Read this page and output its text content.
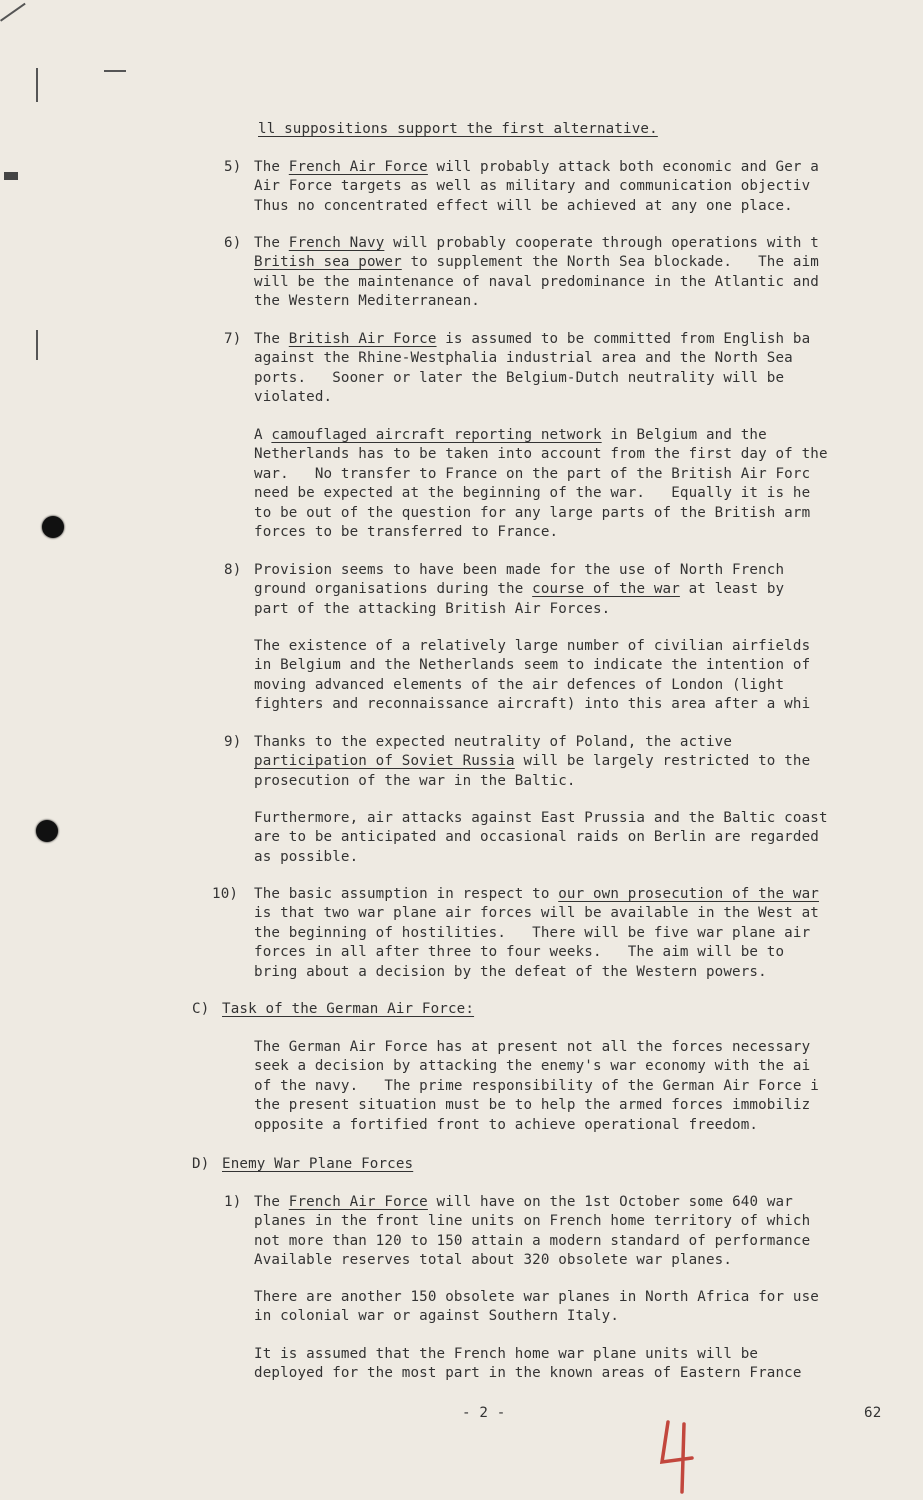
ll suppositions support the first alternative.
5) The French Air Force will probably attack both economic and Ger a
Air Force targets as well as military and communication objectiv
Thus no concentrated effect will be achieved at any one place.
6) The French Navy will probably cooperate through operations with t
British sea power to supplement the North Sea blockade.   The aim
will be the maintenance of naval predominance in the Atlantic and
the Western Mediterranean.
7) The British Air Force is assumed to be committed from English ba
against the Rhine-Westphalia industrial area and the North Sea
ports.   Sooner or later the Belgium-Dutch neutrality will be
violated.
A camouflaged aircraft reporting network in Belgium and the
Netherlands has to be taken into account from the first day of the
war.   No transfer to France on the part of the British Air Forc
need be expected at the beginning of the war.   Equally it is he
to be out of the question for any large parts of the British arm
forces to be transferred to France.
8) Provision seems to have been made for the use of North French
ground organisations during the course of the war at least by
part of the attacking British Air Forces.
The existence of a relatively large number of civilian airfields
in Belgium and the Netherlands seem to indicate the intention of
moving advanced elements of the air defences of London (light
fighters and reconnaissance aircraft) into this area after a whi
9) Thanks to the expected neutrality of Poland, the active
participation of Soviet Russia will be largely restricted to the
prosecution of the war in the Baltic.
Furthermore, air attacks against East Prussia and the Baltic coast
are to be anticipated and occasional raids on Berlin are regarded
as possible.
10) The basic assumption in respect to our own prosecution of the war
is that two war plane air forces will be available in the West at
the beginning of hostilities.   There will be five war plane air
forces in all after three to four weeks.   The aim will be to
bring about a decision by the defeat of the Western powers.
C) Task of the German Air Force:
The German Air Force has at present not all the forces necessary
seek a decision by attacking the enemy's war economy with the ai
of the navy.   The prime responsibility of the German Air Force i
the present situation must be to help the armed forces immobiliz
opposite a fortified front to achieve operational freedom.
D) Enemy War Plane Forces
1) The French Air Force will have on the 1st October some 640 war
planes in the front line units on French home territory of which
not more than 120 to 150 attain a modern standard of performance
Available reserves total about 320 obsolete war planes.
There are another 150 obsolete war planes in North Africa for use
in colonial war or against Southern Italy.
It is assumed that the French home war plane units will be
deployed for the most part in the known areas of Eastern France
- 2 -	62
